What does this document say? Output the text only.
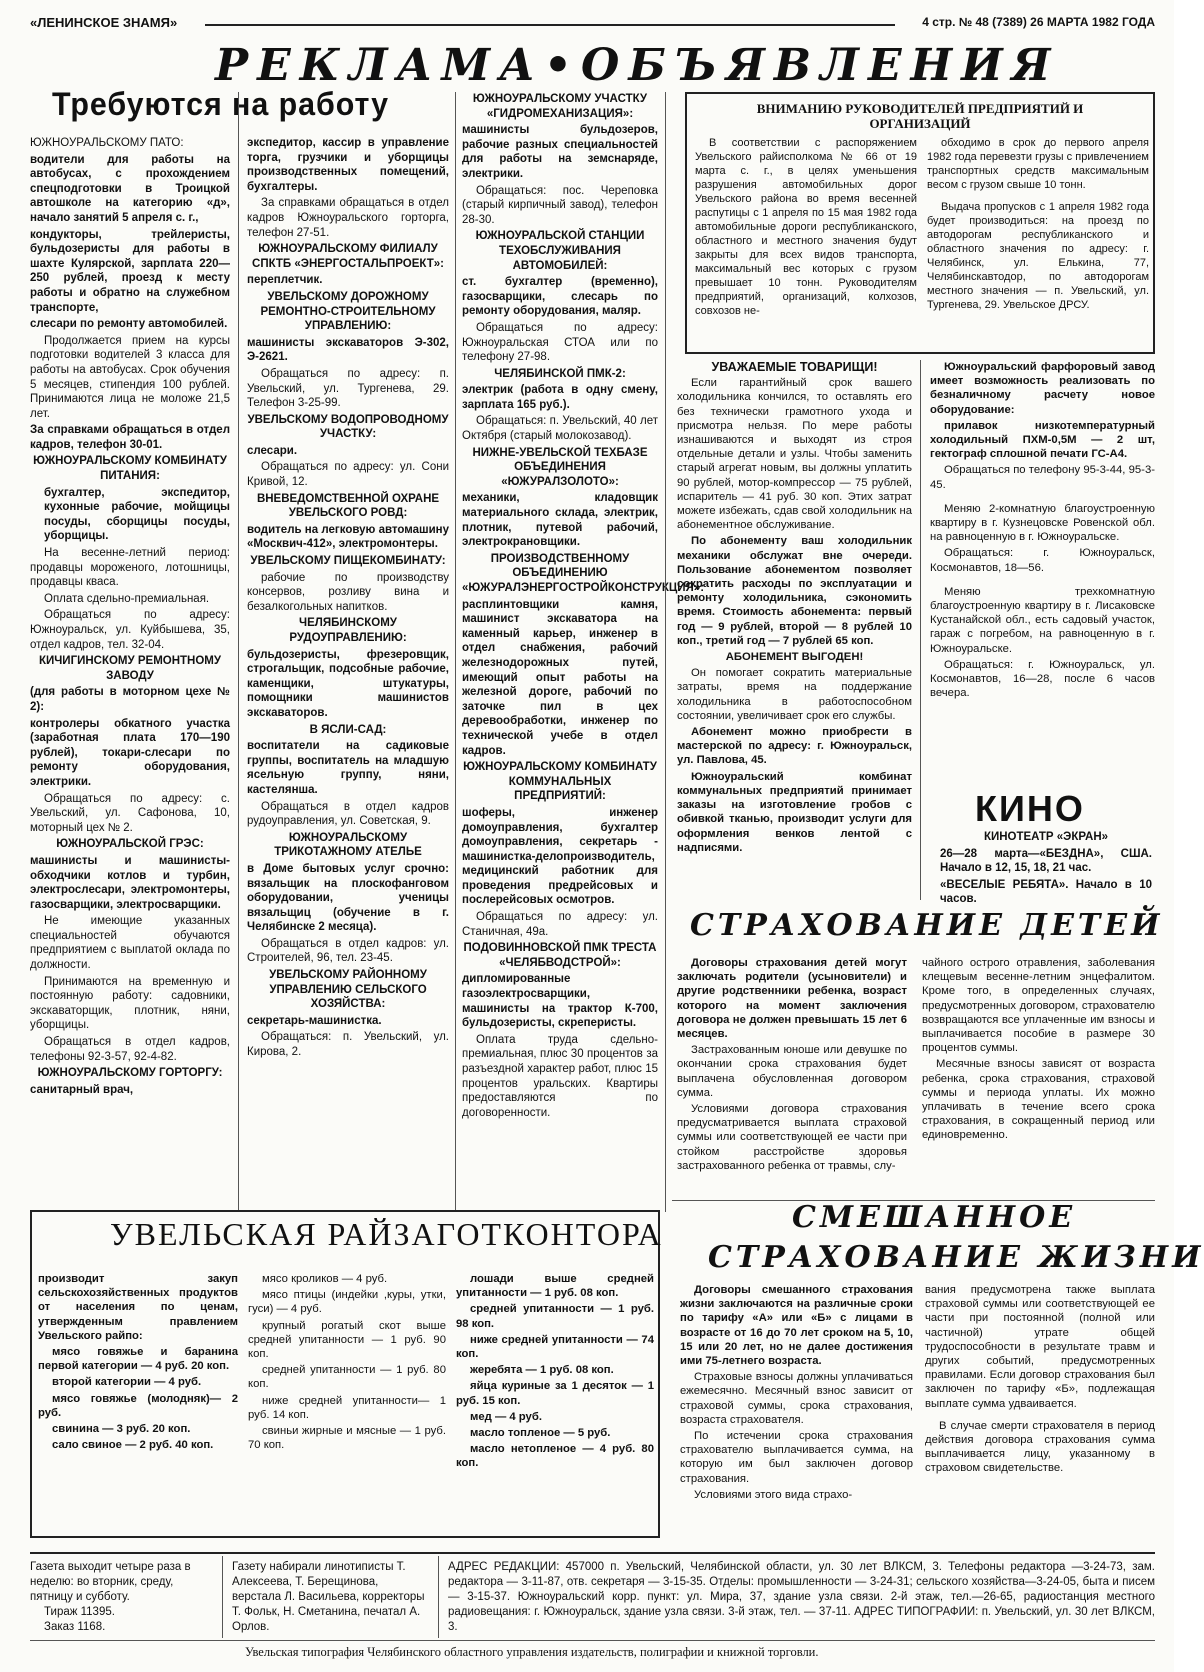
«ЛЕНИНСКОЕ ЗНАМЯ»	4 стр. № 48 (7389) 26 МАРТА 1982 ГОДА
РЕКЛАМА•ОБЪЯВЛЕНИЯ
Требуются на работу

ЮЖНОУРАЛЬСКОМУ ПАТО:

водители для работы на автобусах, с прохождением спецподготовки в Троицкой автошколе на категорию «д», начало занятий 5 апреля с. г.,

кондукторы, трейлеристы, бульдозеристы для работы в шахте Кулярской, зарплата 220—250 рублей, проезд к месту работы и обратно на служебном транспорте,

слесари по ремонту автомобилей.

Продолжается прием на курсы подготовки водителей 3 класса для работы на автобусах. Срок обучения 5 месяцев, стипендия 100 рублей. Принимаются лица не моложе 21,5 лет.

За справками обращаться в отдел кадров, телефон 30-01.

ЮЖНОУРАЛЬСКОМУ КОМБИНАТУ ПИТАНИЯ:

бухгалтер, экспедитор, кухонные рабочие, мойщицы посуды, сборщицы посуды, уборщицы.

На весенне-летний период: продавцы мороженого, лотошницы, продавцы кваса.

Оплата сдельно-премиальная.

Обращаться по адресу: Южноуральск, ул. Куйбышева, 35, отдел кадров, тел. 32-04.

КИЧИГИНСКОМУ РЕМОНТНОМУ ЗАВОДУ

(для работы в моторном цехе № 2):

контролеры обкатного участка (заработная плата 170—190 рублей), токари-слесари по ремонту оборудования, электрики.

Обращаться по адресу: с. Увельский, ул. Сафонова, 10, моторный цех № 2.

ЮЖНОУРАЛЬСКОЙ ГРЭС:

машинисты и машинисты-обходчики котлов и турбин, электрослесари, электромонтеры, газосварщики, электросварщики.

Не имеющие указанных специальностей обучаются предприятием с выплатой оклада по должности.

Принимаются на временную и постоянную работу: садовники, экскаваторщик, плотник, няни, уборщицы.

Обращаться в отдел кадров, телефоны 92-3-57, 92-4-82.

ЮЖНОУРАЛЬСКОМУ ГОРТОРГУ:

санитарный врач,

экспедитор, кассир в управление торга, грузчики и уборщицы производственных помещений, бухгалтеры.

За справками обращаться в отдел кадров Южноуральского горторга, телефон 27-51.

ЮЖНОУРАЛЬСКОМУ ФИЛИАЛУ СПКТБ «ЭНЕРГОСТАЛЬПРОЕКТ»:

переплетчик.

УВЕЛЬСКОМУ ДОРОЖНОМУ РЕМОНТНО-СТРОИТЕЛЬНОМУ УПРАВЛЕНИЮ:

машинисты экскаваторов Э-302, Э-2621.

Обращаться по адресу: п. Увельский, ул. Тургенева, 29. Телефон 3-25-99.

УВЕЛЬСКОМУ ВОДОПРОВОДНОМУ УЧАСТКУ:

слесари.

Обращаться по адресу: ул. Сони Кривой, 12.

ВНЕВЕДОМСТВЕННОЙ ОХРАНЕ УВЕЛЬСКОГО РОВД:

водитель на легковую автомашину «Москвич-412», электромонтеры.

УВЕЛЬСКОМУ ПИЩЕКОМБИНАТУ:

рабочие по производству консервов, розливу вина и безалкогольных напитков.

ЧЕЛЯБИНСКОМУ РУДОУПРАВЛЕНИЮ:

бульдозеристы, фрезеровщик, строгальщик, подсобные рабочие, каменщики, штукатуры, помощники машинистов экскаваторов.

В ЯСЛИ-САД:

воспитатели на садиковые группы, воспитатель на младшую ясельную группу, няни, кастелянша.

Обращаться в отдел кадров рудоуправления, ул. Советская, 9.

ЮЖНОУРАЛЬСКОМУ ТРИКОТАЖНОМУ АТЕЛЬЕ

в Доме бытовых услуг срочно: вязальщик на плоскофанговом оборудовании, ученицы вязальщиц (обучение в г. Челябинске 2 месяца).

Обращаться в отдел кадров: ул. Строителей, 96, тел. 23-45.

УВЕЛЬСКОМУ РАЙОННОМУ УПРАВЛЕНИЮ СЕЛЬСКОГО ХОЗЯЙСТВА:

секретарь-машинистка.

Обращаться: п. Увельский, ул. Кирова, 2.

ЮЖНОУРАЛЬСКОМУ УЧАСТКУ «ГИДРОМЕХАНИЗАЦИЯ»:

машинисты бульдозеров, рабочие разных специальностей для работы на земснаряде, электрики.

Обращаться: пос. Череповка (старый кирпичный завод), телефон 28-30.

ЮЖНОУРАЛЬСКОЙ СТАНЦИИ ТЕХОБСЛУЖИВАНИЯ АВТОМОБИЛЕЙ:

ст. бухгалтер (временно), газосварщики, слесарь по ремонту оборудования, маляр.

Обращаться по адресу: Южноуральская СТОА или по телефону 27-98.

ЧЕЛЯБИНСКОЙ ПМК-2:

электрик (работа в одну смену, зарплата 165 руб.).

Обращаться: п. Увельский, 40 лет Октября (старый молокозавод).

НИЖНЕ-УВЕЛЬСКОЙ ТЕХБАЗЕ ОБЪЕДИНЕНИЯ «ЮЖУРАЛЗОЛОТО»:

механики, кладовщик материального склада, электрик, плотник, путевой рабочий, электрокрановщики.

ПРОИЗВОДСТВЕННОМУ ОБЪЕДИНЕНИЮ «ЮЖУРАЛЭНЕРГОСТРОЙКОНСТРУКЦИЯ»:

расплинтовщики камня, машинист экскаватора на каменный карьер, инженер в отдел снабжения, рабочий железнодорожных путей, имеющий опыт работы на железной дороге, рабочий по заточке пил в цех деревообработки, инженер по технической учебе в отдел кадров.

ЮЖНОУРАЛЬСКОМУ КОМБИНАТУ КОММУНАЛЬНЫХ ПРЕДПРИЯТИЙ:

шоферы, инженер домоуправления, бухгалтер домоуправления, секретарь - машинистка-делопроизводитель, медицинский работник для проведения предрейсовых и послерейсовых осмотров.

Обращаться по адресу: ул. Станичная, 49а.

ПОДОВИННОВСКОЙ ПМК ТРЕСТА «ЧЕЛЯБВОДСТРОЙ»:

дипломированные газоэлектросварщики, машинисты на трактор К-700, бульдозеристы, скреперисты.

Оплата труда сдельно-премиальная, плюс 30 процентов за разъездной характер работ, плюс 15 процентов уральских. Квартиры предоставляются по договоренности.

ВНИМАНИЮ РУКОВОДИТЕЛЕЙ ПРЕДПРИЯТИЙ И ОРГАНИЗАЦИЙ

В соответствии с распоряжением Увельского райисполкома № 66 от 19 марта с. г., в целях уменьшения разрушения автомобильных дорог Увельского района во время весенней распутицы с 1 апреля по 15 мая 1982 года автомобильные дороги республиканского, областного и местного значения будут закрыты для всех видов транспорта, максимальный вес которых с грузом превышает 10 тонн. Руководителям предприятий, организаций, колхозов, совхозов не-

обходимо в срок до первого апреля 1982 года перевезти грузы с привлечением транспортных средств максимальным весом с грузом свыше 10 тонн.

Выдача пропусков с 1 апреля 1982 года будет производиться: на проезд по автодорогам республиканского и областного значения по адресу: г. Челябинск, ул. Елькина, 77, Челябинскавтодор, по автодорогам местного значения — п. Увельский, ул. Тургенева, 29. Увельское ДРСУ.

УВАЖАЕМЫЕ ТОВАРИЩИ!

Если гарантийный срок вашего холодильника кончился, то оставлять его без технически грамотного ухода и присмотра нельзя. По мере работы изнашиваются и выходят из строя отдельные детали и узлы. Чтобы заменить старый агрегат новым, вы должны уплатить 90 рублей, мотор-компрессор — 75 рублей, испаритель — 41 руб. 30 коп. Этих затрат можете избежать, сдав свой холодильник на абонементное обслуживание.

По абонементу ваш холодильник механики обслужат вне очереди. Пользование абонементом позволяет сократить расходы по эксплуатации и ремонту холодильника, сэкономить время. Стоимость абонемента: первый год — 9 рублей, второй — 8 рублей 10 коп., третий год — 7 рублей 65 коп.

АБОНЕМЕНТ ВЫГОДЕН!

Он помогает сократить материальные затраты, время на поддержание холодильника в работоспособном состоянии, увеличивает срок его службы.

Абонемент можно приобрести в мастерской по адресу: г. Южноуральск, ул. Павлова, 45.

Южноуральский комбинат коммунальных предприятий принимает заказы на изготовление гробов с обивкой тканью, производит услуги для оформления венков лентой с надписями.

Южноуральский фарфоровый завод имеет возможность реализовать по безналичному расчету новое оборудование:

прилавок низкотемпературный холодильный ПХМ-0,5М — 2 шт, гектограф сплошной печати ГС-А4.

Обращаться по телефону 95-3-44, 95-3-45.

Меняю 2-комнатную благоустроенную квартиру в г. Кузнецовске Ровенской обл. на равноценную в г. Южноуральске.

Обращаться: г. Южноуральск, Космонавтов, 18—56.

Меняю трехкомнатную благоустроенную квартиру в г. Лисаковске Кустанайской обл., есть садовый участок, гараж с погребом, на равноценную в г. Южноуральске.

Обращаться: г. Южноуральск, ул. Космонавтов, 16—28, после 6 часов вечера.

КИНО

КИНОТЕАТР «ЭКРАН»

26—28 марта—«БЕЗДНА», США. Начало в 12, 15, 18, 21 час.

«ВЕСЕЛЫЕ РЕБЯТА». Начало в 10 часов.

СТРАХОВАНИЕ ДЕТЕЙ

Договоры страхования детей могут заключать родители (усыновители) и другие родственники ребенка, возраст которого на момент заключения договора не должен превышать 15 лет 6 месяцев.

Застрахованным юноше или девушке по окончании срока страхования будет выплачена обусловленная договором сумма.

Условиями договора страхования предусматривается выплата страховой суммы или соответствующей ее части при стойком расстройстве здоровья застрахованного ребенка от травмы, слу-

чайного острого отравления, заболевания клещевым весенне-летним энцефалитом. Кроме того, в определенных случаях, предусмотренных договором, страхователю возвращаются все уплаченные им взносы и выплачивается пособие в размере 30 процентов суммы.

Месячные взносы зависят от возраста ребенка, срока страхования, страховой суммы и периода уплаты. Их можно уплачивать в течение всего срока страхования, в сокращенный период или единовременно.

СМЕШАННОЕ
СТРАХОВАНИЕ ЖИЗНИ

Договоры смешанного страхования жизни заключаются на различные сроки по тарифу «А» или «Б» с лицами в возрасте от 16 до 70 лет сроком на 5, 10, 15 или 20 лет, но не далее достижения ими 75-летнего возраста.

Страховые взносы должны уплачиваться ежемесячно. Месячный взнос зависит от страховой суммы, срока страхования, возраста страхователя.

По истечении срока страхования страхователю выплачивается сумма, на которую им был заключен договор страхования.

Условиями этого вида страхо-

вания предусмотрена также выплата страховой суммы или соответствующей ее части при постоянной (полной или частичной) утрате общей трудоспособности в результате травм и других событий, предусмотренных правилами. Если договор страхования был заключен по тарифу «Б», подлежащая выплате сумма удваивается.

В случае смерти страхователя в период действия договора страхования сумма выплачивается лицу, указанному в страховом свидетельстве.

УВЕЛЬСКАЯ РАЙЗАГОТКОНТОРА

производит закуп сельскохозяйственных продуктов от населения по ценам, утвержденным правлением Увельского райпо:

мясо говяжье и баранина первой категории — 4 руб. 20 коп.

второй категории — 4 руб.

мясо говяжье (молодняк)— 2 руб.

свинина — 3 руб. 20 коп.

сало свиное — 2 руб. 40 коп.

мясо кроликов — 4 руб.

мясо птицы (индейки ,куры, утки, гуси) — 4 руб.

крупный рогатый скот выше средней упитанности — 1 руб. 90 коп.

средней упитанности — 1 руб. 80 коп.

ниже средней упитанности— 1 руб. 14 коп.

свиньи жирные и мясные — 1 руб. 70 коп.

лошади выше средней упитанности — 1 руб. 08 коп.

средней упитанности — 1 руб. 98 коп.

ниже средней упитанности — 74 коп.

жеребята — 1 руб. 08 коп.

яйца куриные за 1 десяток — 1 руб. 15 коп.

мед — 4 руб.

масло топленое — 5 руб.

масло нетопленое — 4 руб. 80 коп.

Газета выходит четыре раза в неделю: во вторник, среду, пятницу и субботу.

Тираж 11395.

Заказ 1168.

Газету набирали линотиписты Т. Алексеева, Т. Берещинова, верстала Л. Васильева, корректоры Т. Фольк, Н. Сметанина, печатал А. Орлов.
АДРЕС РЕДАКЦИИ: 457000 п. Увельский, Челябинской области, ул. 30 лет ВЛКСМ, 3. Телефоны редактора —3-24-73, зам. редактора — 3-11-87, отв. секретаря — 3-15-35. Отделы: промышленности — 3-24-31; сельского хозяйства—3-24-05, быта и писем— 3-15-37. Южноуральский корр. пункт: ул. Мира, 37, здание узла связи. 2-й этаж, тел.—26-65, радиостанция местного радиовещания: г. Южноуральск, здание узла связи. 3-й этаж, тел. — 37-11. АДРЕС ТИПОГРАФИИ: п. Увельский, ул. 30 лет ВЛКСМ, 3.
Увельская типография Челябинского областного управления издательств, полиграфии и книжной торговли.
